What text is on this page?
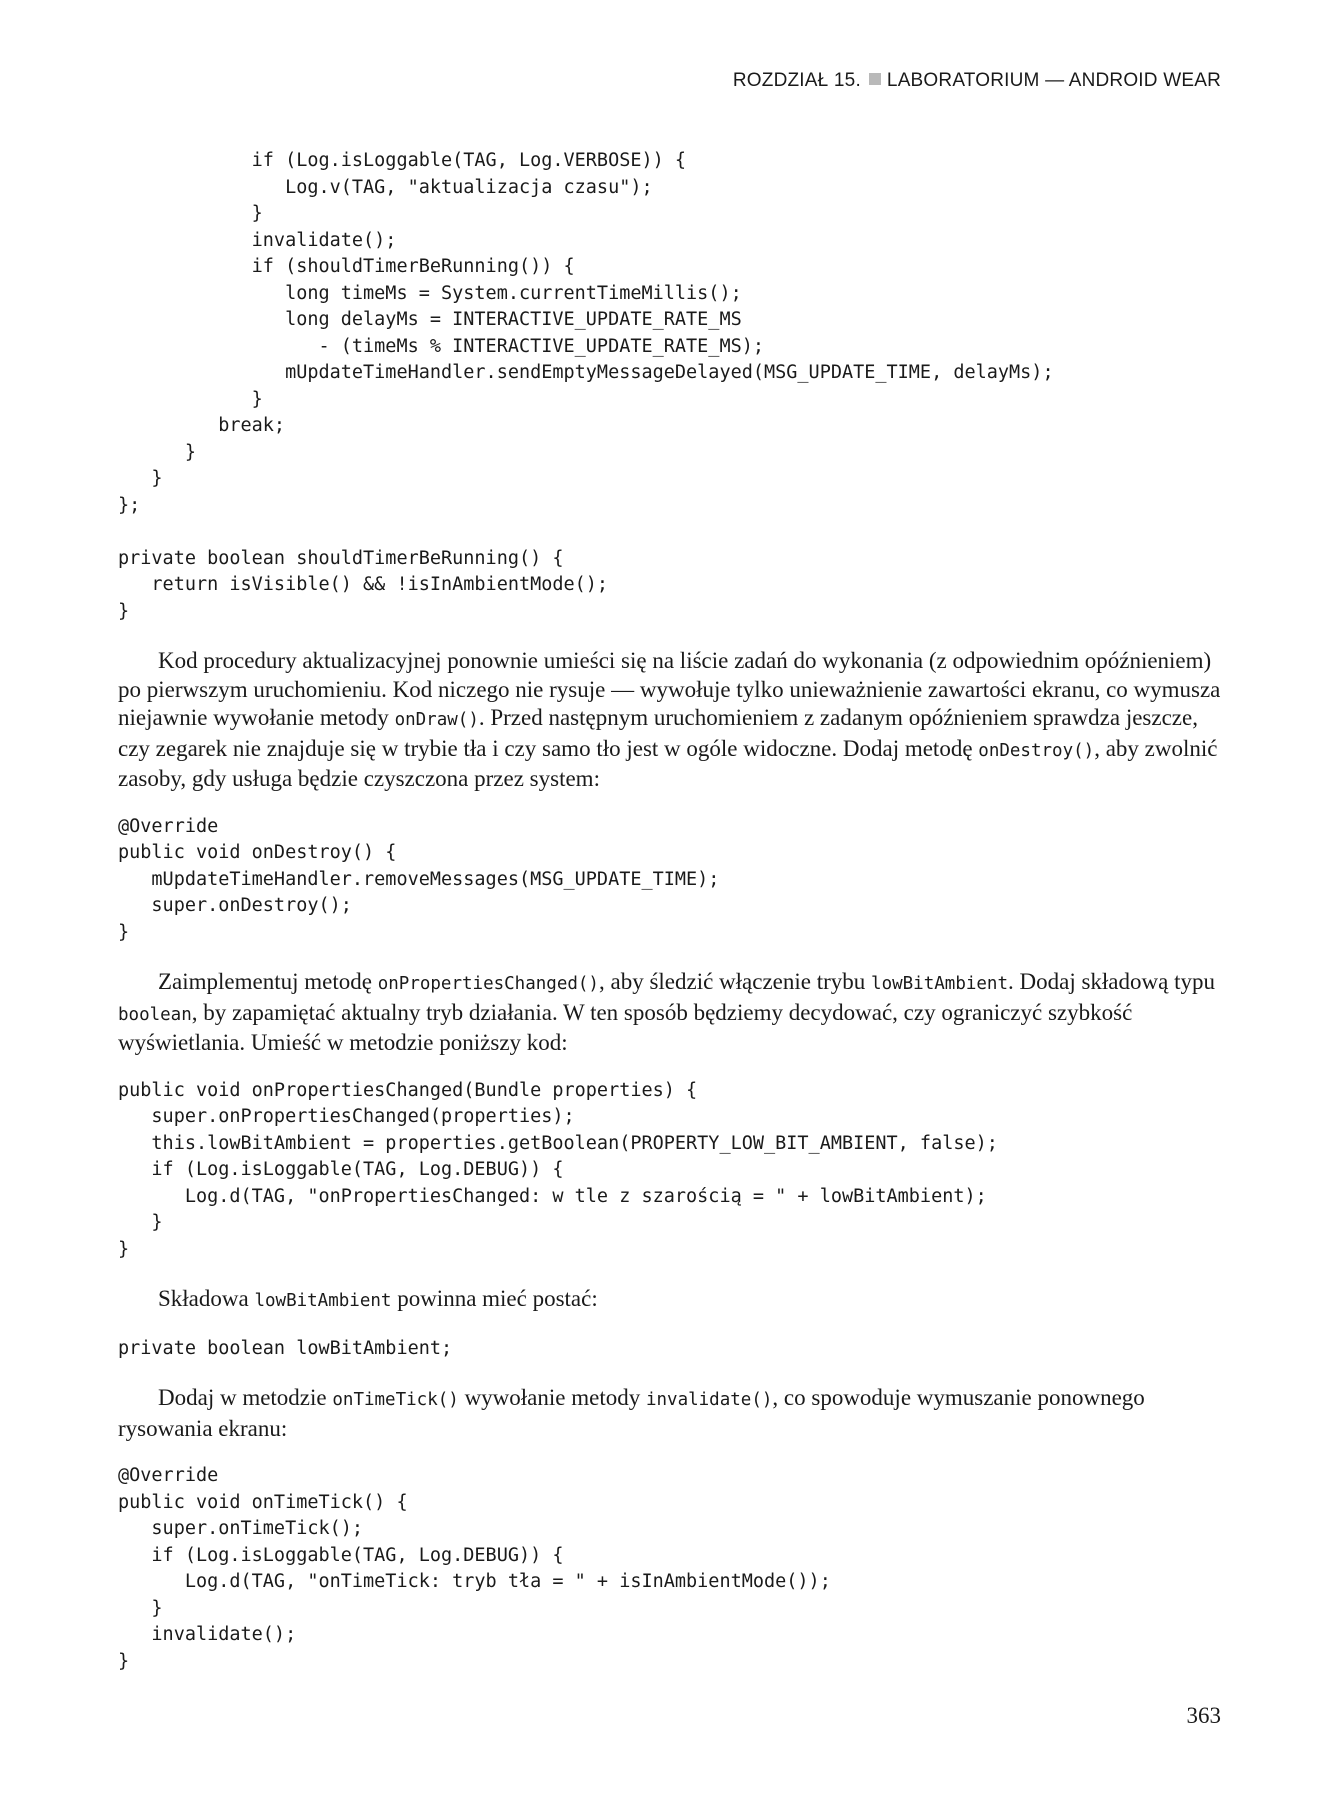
ROZDZIAŁ 15. LABORATORIUM — ANDROID WEAR
if (Log.isLoggable(TAG, Log.VERBOSE)) {
Log.v(TAG, "aktualizacja czasu");
}
invalidate();
if (shouldTimerBeRunning()) {
long timeMs = System.currentTimeMillis();
long delayMs = INTERACTIVE_UPDATE_RATE_MS
- (timeMs % INTERACTIVE_UPDATE_RATE_MS);
mUpdateTimeHandler.sendEmptyMessageDelayed(MSG_UPDATE_TIME, delayMs);
}
break;
}
}
};

private boolean shouldTimerBeRunning() {
return isVisible() && !isInAmbientMode();
}

Kod procedury aktualizacyjnej ponownie umieści się na liście zadań do wykonania (z odpowiednim opóźnieniem) po pierwszym uruchomieniu. Kod niczego nie rysuje — wywołuje tylko unieważnienie zawartości ekranu, co wymusza niejawnie wywołanie metody onDraw(). Przed następnym uruchomieniem z zadanym opóźnieniem sprawdza jeszcze, czy zegarek nie znajduje się w trybie tła i czy samo tło jest w ogóle widoczne. Dodaj metodę onDestroy(), aby zwolnić zasoby, gdy usługa będzie czyszczona przez system:

@Override
public void onDestroy() {
mUpdateTimeHandler.removeMessages(MSG_UPDATE_TIME);
super.onDestroy();
}

Zaimplementuj metodę onPropertiesChanged(), aby śledzić włączenie trybu lowBitAmbient. Dodaj składową typu boolean, by zapamiętać aktualny tryb działania. W ten sposób będziemy decydować, czy ograniczyć szybkość wyświetlania. Umieść w metodzie poniższy kod:

public void onPropertiesChanged(Bundle properties) {
super.onPropertiesChanged(properties);
this.lowBitAmbient = properties.getBoolean(PROPERTY_LOW_BIT_AMBIENT, false);
if (Log.isLoggable(TAG, Log.DEBUG)) {
Log.d(TAG, "onPropertiesChanged: w tle z szarością = " + lowBitAmbient);
}
}

Składowa lowBitAmbient powinna mieć postać:

private boolean lowBitAmbient;

Dodaj w metodzie onTimeTick() wywołanie metody invalidate(), co spowoduje wymuszanie ponownego rysowania ekranu:

@Override
public void onTimeTick() {
super.onTimeTick();
if (Log.isLoggable(TAG, Log.DEBUG)) {
Log.d(TAG, "onTimeTick: tryb tła = " + isInAmbientMode());
}
invalidate();
}
363
